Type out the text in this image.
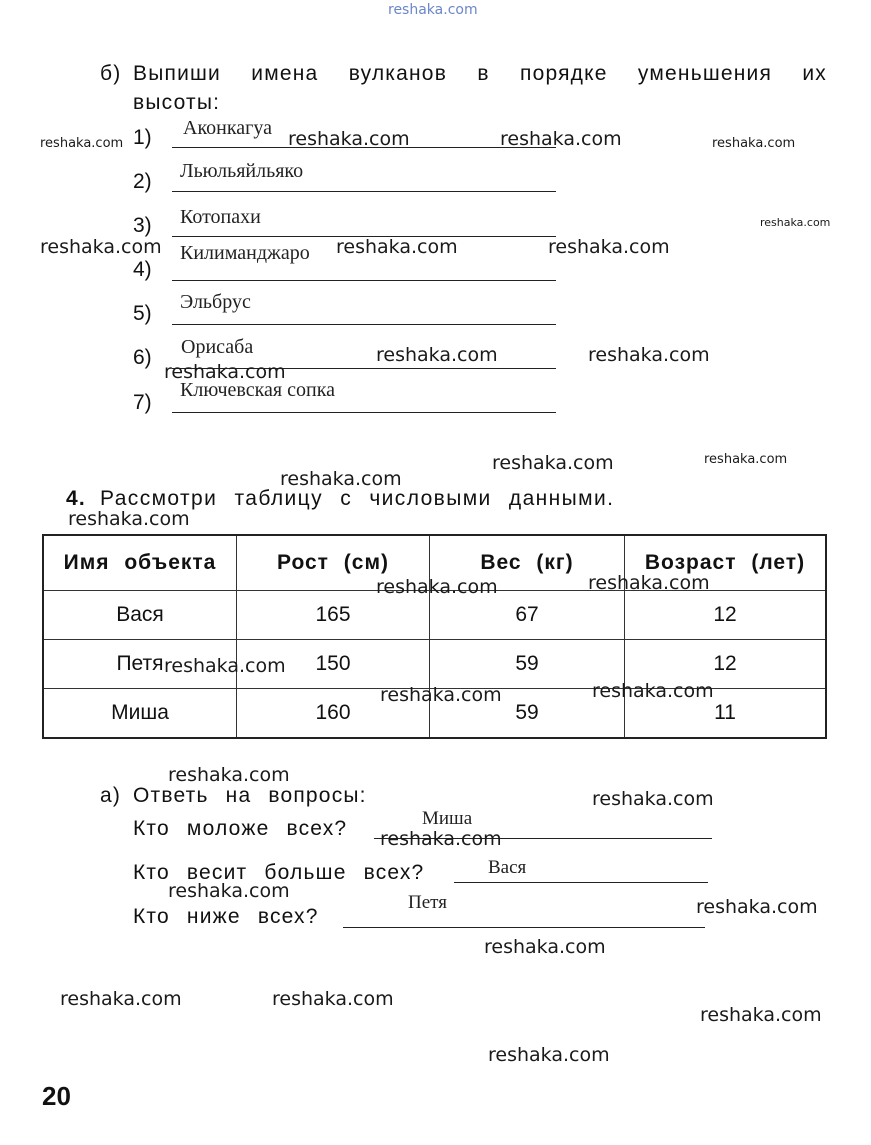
reshaka.com
б) Выпиши имена вулканов в порядке уменьшения их
высоты:
1) Аконкагуа
2) Льюльяйльяко
3) Котопахи
4)
Килиманджаро
5) Эльбрус
6) Орисаба
7)
Ключевская сопка
4. Рассмотри таблицу с числовыми данными.
Имя объекта	Рост (см)	Вес (кг)	Возраст (лет)
Вася	165	67	12
Петя	150	59	12
Миша	160	59	11
а) Ответь на вопросы:
Кто моложе всех?	Миша
Кто весит больше всех?	Вася
Кто ниже всех?
Петя
20
reshaka.com	reshaka.com	reshaka.com	reshaka.com
reshaka.com
reshaka.com	reshaka.com	reshaka.com
reshaka.com	reshaka.com
reshaka.com
reshaka.com
reshaka.com	reshaka.com
reshaka.com
reshaka.com	reshaka.com
reshaka.com
reshaka.com	reshaka.com
reshaka.com
reshaka.com
reshaka.com
reshaka.com
reshaka.com
reshaka.com
reshaka.com	reshaka.com
reshaka.com
reshaka.com
